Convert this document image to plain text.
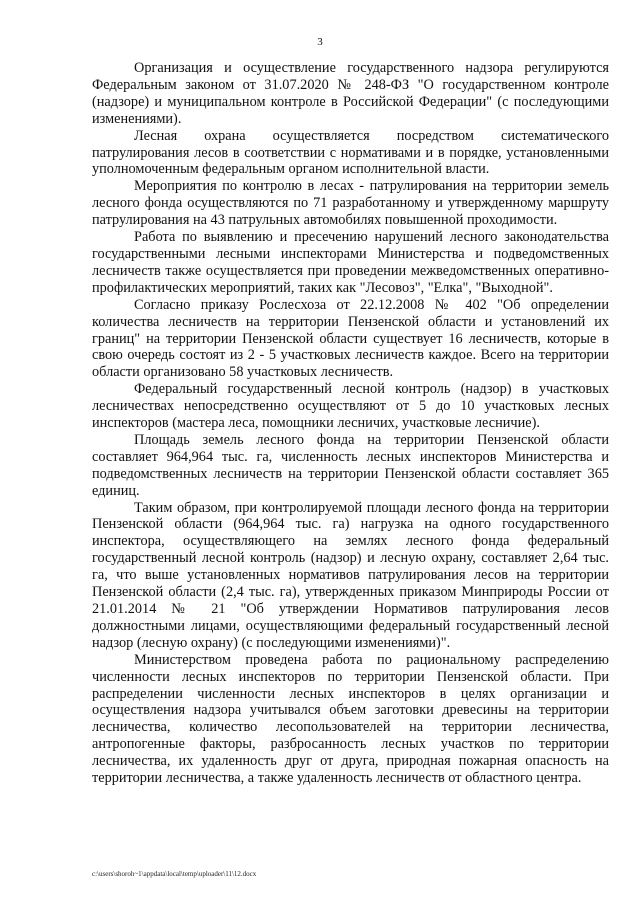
3

Организация и осуществление государственного надзора регулируются Федеральным законом от 31.07.2020 № 248-ФЗ "О государственном контроле (надзоре) и муниципальном контроле в Российской Федерации" (с последующими изменениями).

Лесная охрана осуществляется посредством систематического патрулирования лесов в соответствии с нормативами и в порядке, установленными уполномоченным федеральным органом исполнительной власти.

Мероприятия по контролю в лесах - патрулирования на территории земель лесного фонда осуществляются по 71 разработанному и утвержденному маршруту патрулирования на 43 патрульных автомобилях повышенной проходимости.

Работа по выявлению и пресечению нарушений лесного законодательства государственными лесными инспекторами Министерства и подведомственных лесничеств также осуществляется при проведении межведомственных оперативно-профилактических мероприятий, таких как "Лесовоз", "Елка", "Выходной".

Согласно приказу Рослесхоза от 22.12.2008 № 402 "Об определении количества лесничеств на территории Пензенской области и установлений их границ" на территории Пензенской области существует 16 лесничеств, которые в свою очередь состоят из 2 - 5 участковых лесничеств каждое. Всего на территории области организовано 58 участковых лесничеств.

Федеральный государственный лесной контроль (надзор) в участковых лесничествах непосредственно осуществляют от 5 до 10 участковых лесных инспекторов (мастера леса, помощники лесничих, участковые лесничие).

Площадь земель лесного фонда на территории Пензенской области составляет 964,964 тыс. га, численность лесных инспекторов Министерства и подведомственных лесничеств на территории Пензенской области составляет 365 единиц.

Таким образом, при контролируемой площади лесного фонда на территории Пензенской области (964,964 тыс. га) нагрузка на одного государственного инспектора, осуществляющего на землях лесного фонда федеральный государственный лесной контроль (надзор) и лесную охрану, составляет 2,64 тыс. га, что выше установленных нормативов патрулирования лесов на территории Пензенской области (2,4 тыс. га), утвержденных приказом Минприроды России от 21.01.2014 № 21 "Об утверждении Нормативов патрулирования лесов должностными лицами, осуществляющими федеральный государственный лесной надзор (лесную охрану) (с последующими изменениями)".

Министерством проведена работа по рациональному распределению численности лесных инспекторов по территории Пензенской области. При распределении численности лесных инспекторов в целях организации и осуществления надзора учитывался объем заготовки древесины на территории лесничества, количество лесопользователей на территории лесничества, антропогенные факторы, разбросанность лесных участков по территории лесничества, их удаленность друг от друга, природная пожарная опасность на территории лесничества, а также удаленность лесничеств от областного центра.

c:\users\shoroh~1\appdata\local\temp\uploader\11\12.docx
